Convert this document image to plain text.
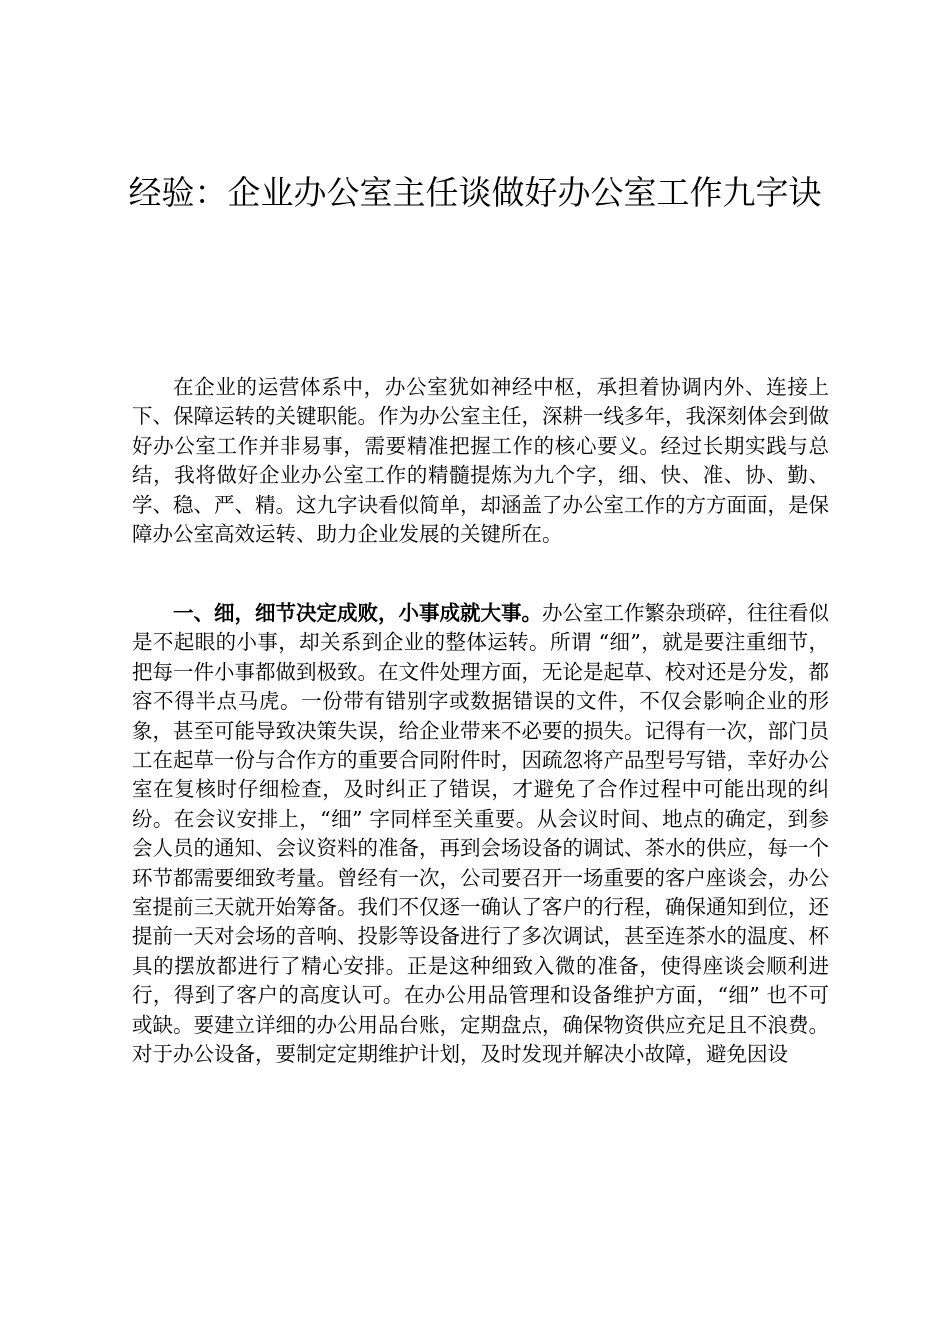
经验：企业办公室主任谈做好办公室工作九字诀

在企业的运营体系中，办公室犹如神经中枢，承担着协调内外、连接上下、保障运转的关键职能。作为办公室主任，深耕一线多年，我深刻体会到做好办公室工作并非易事，需要精准把握工作的核心要义。经过长期实践与总结，我将做好企业办公室工作的精髓提炼为九个字，细、快、准、协、勤、学、稳、严、精。这九字诀看似简单，却涵盖了办公室工作的方方面面，是保障办公室高效运转、助力企业发展的关键所在。

一、细，细节决定成败，小事成就大事。办公室工作繁杂琐碎，往往看似是不起眼的小事，却关系到企业的整体运转。所谓 “细”，就是要注重细节，把每一件小事都做到极致。在文件处理方面，无论是起草、校对还是分发，都容不得半点马虎。一份带有错别字或数据错误的文件，不仅会影响企业的形象，甚至可能导致决策失误，给企业带来不必要的损失。记得有一次，部门员工在起草一份与合作方的重要合同附件时，因疏忽将产品型号写错，幸好办公室在复核时仔细检查，及时纠正了错误，才避免了合作过程中可能出现的纠纷。在会议安排上，“细” 字同样至关重要。从会议时间、地点的确定，到参会人员的通知、会议资料的准备，再到会场设备的调试、茶水的供应，每一个环节都需要细致考量。曾经有一次，公司要召开一场重要的客户座谈会，办公室提前三天就开始筹备。我们不仅逐一确认了客户的行程，确保通知到位，还提前一天对会场的音响、投影等设备进行了多次调试，甚至连茶水的温度、杯具的摆放都进行了精心安排。正是这种细致入微的准备，使得座谈会顺利进行，得到了客户的高度认可。在办公用品管理和设备维护方面，“细” 也不可或缺。要建立详细的办公用品台账，定期盘点，确保物资供应充足且不浪费。对于办公设备，要制定定期维护计划，及时发现并解决小故障，避免因设
